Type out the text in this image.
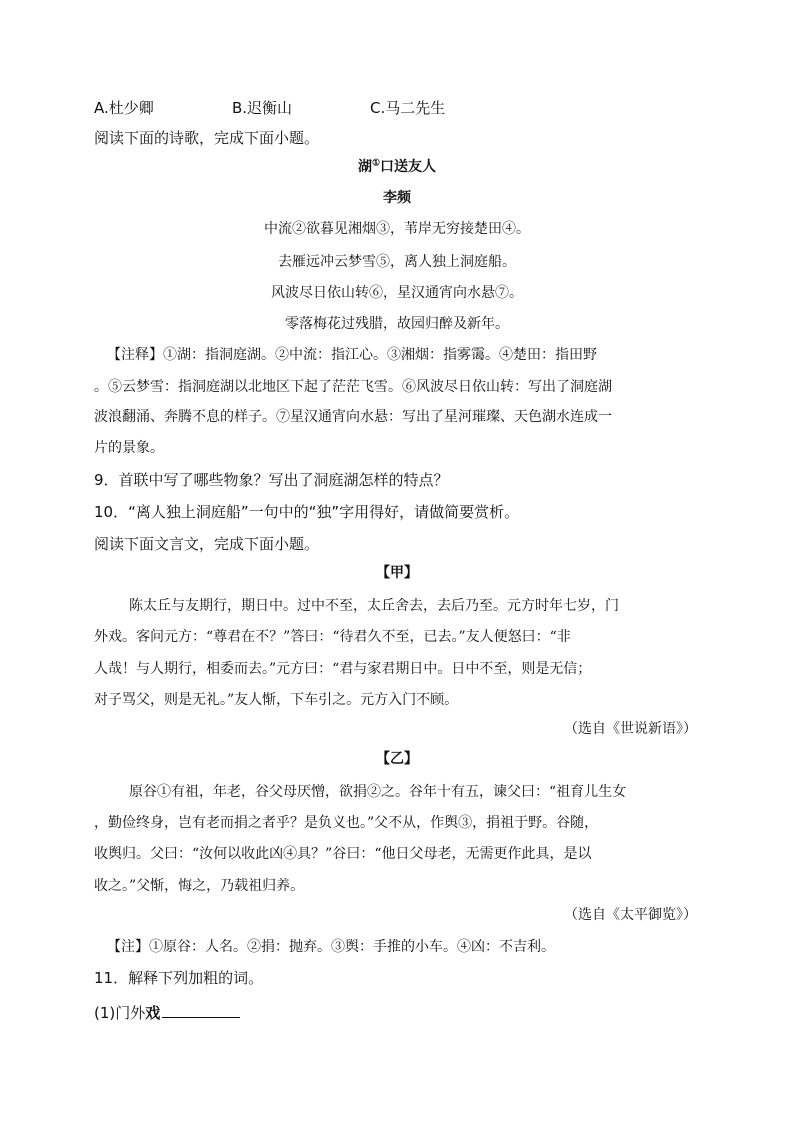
A.杜少卿	B.迟衡山	C.马二先生
阅读下面的诗歌，完成下面小题。
湖①口送友人
李频
中流②欲暮见湘烟③，苇岸无穷接楚田④。
去雁远冲云梦雪⑤，离人独上洞庭船。
风波尽日依山转⑥，星汉通宵向水悬⑦。
零落梅花过残腊，故园归醉及新年。
【注释】①湖：指洞庭湖。②中流：指江心。③湘烟：指雾霭。④楚田：指田野
。⑤云梦雪：指洞庭湖以北地区下起了茫茫飞雪。⑥风波尽日依山转：写出了洞庭湖
波浪翻涌、奔腾不息的样子。⑦星汉通宵向水悬：写出了星河璀璨、天色湖水连成一
片的景象。
9．首联中写了哪些物象？写出了洞庭湖怎样的特点？
10．“离人独上洞庭船”一句中的“独”字用得好，请做简要赏析。
阅读下面文言文，完成下面小题。
【甲】
陈太丘与友期行，期日中。过中不至，太丘舍去，去后乃至。元方时年七岁，门
外戏。客问元方：“尊君在不？”答曰：“待君久不至，已去。”友人便怒曰：“非
人哉！与人期行，相委而去。”元方曰：“君与家君期日中。日中不至，则是无信；
对子骂父，则是无礼。”友人惭，下车引之。元方入门不顾。
（选自《世说新语》）
【乙】
原谷①有祖，年老，谷父母厌憎，欲捐②之。谷年十有五，谏父曰：“祖育儿生女
，勤俭终身，岂有老而捐之者乎？是负义也。”父不从，作舆③，捐祖于野。谷随，
收舆归。父曰：“汝何以收此凶④具？”谷曰：“他日父母老，无需更作此具，是以
收之。”父惭，悔之，乃载祖归养。
（选自《太平御览》）
【注】①原谷：人名。②捐：抛弃。③舆：手推的小车。④凶：不吉利。
11．解释下列加粗的词。
(1)门外戏
